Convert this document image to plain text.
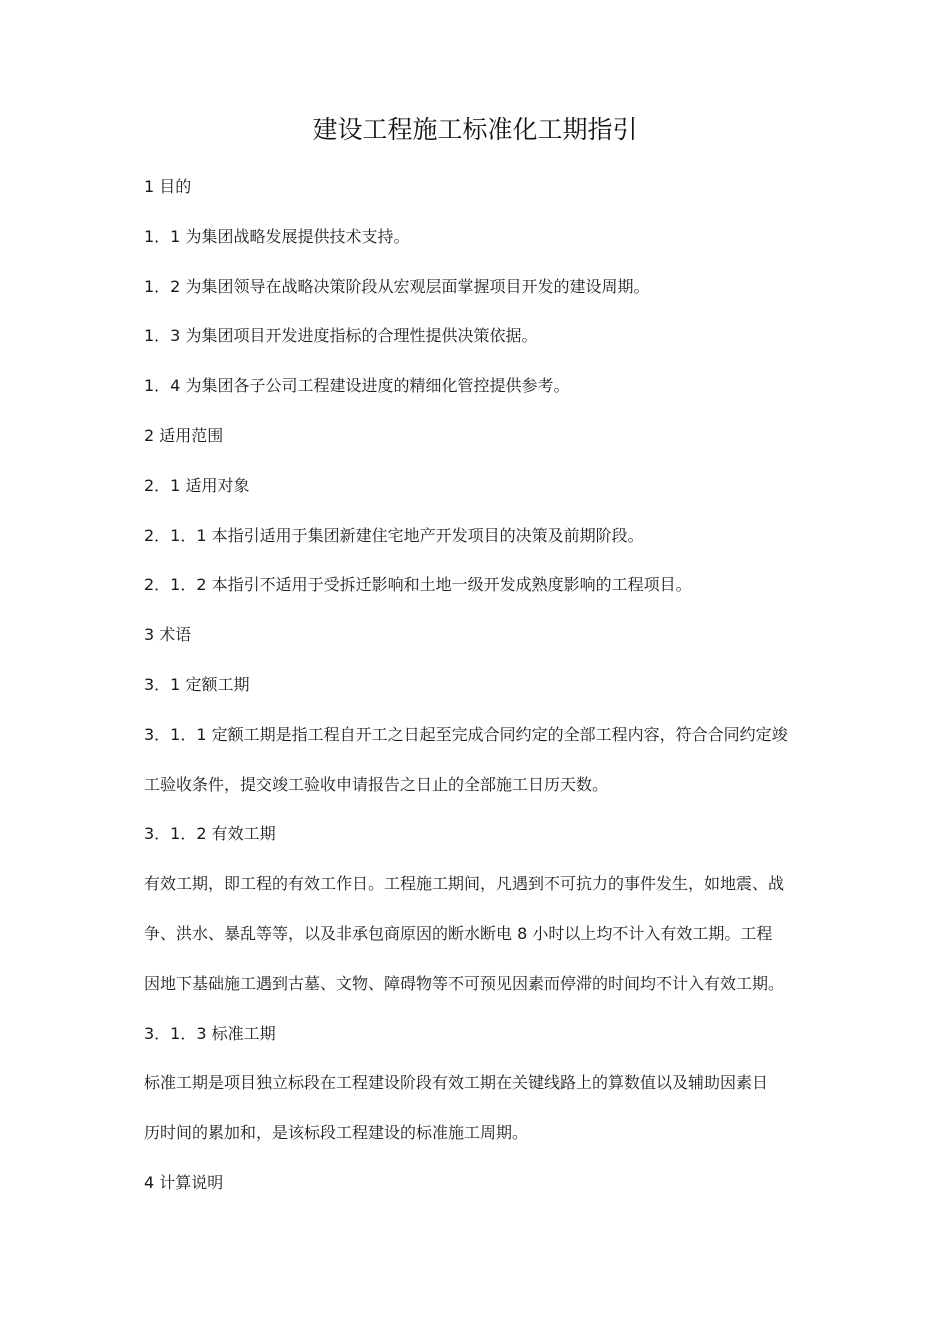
建设工程施工标准化工期指引
1 目的
1．1 为集团战略发展提供技术支持。
1．2 为集团领导在战略决策阶段从宏观层面掌握项目开发的建设周期。
1．3 为集团项目开发进度指标的合理性提供决策依据。
1．4 为集团各子公司工程建设进度的精细化管控提供参考。
2 适用范围
2．1 适用对象
2．1．1 本指引适用于集团新建住宅地产开发项目的决策及前期阶段。
2．1．2 本指引不适用于受拆迁影响和土地一级开发成熟度影响的工程项目。
3 术语
3．1 定额工期
3．1．1 定额工期是指工程自开工之日起至完成合同约定的全部工程内容，符合合同约定竣
工验收条件，提交竣工验收申请报告之日止的全部施工日历天数。
3．1．2 有效工期
有效工期，即工程的有效工作日。工程施工期间，凡遇到不可抗力的事件发生，如地震、战
争、洪水、暴乱等等，以及非承包商原因的断水断电 8 小时以上均不计入有效工期。工程
因地下基础施工遇到古墓、文物、障碍物等不可预见因素而停滞的时间均不计入有效工期。
3．1．3 标准工期
标准工期是项目独立标段在工程建设阶段有效工期在关键线路上的算数值以及辅助因素日
历时间的累加和，是该标段工程建设的标准施工周期。
4 计算说明
